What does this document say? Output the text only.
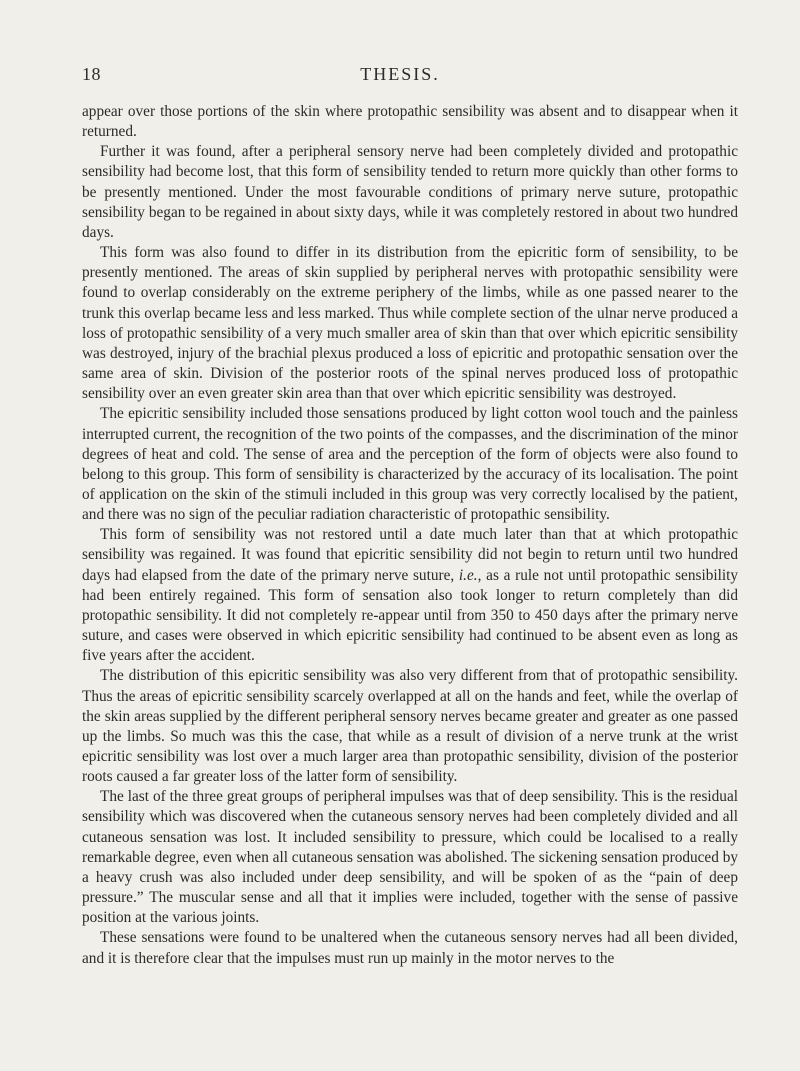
18	THESIS.

appear over those portions of the skin where protopathic sensibility was absent and to disappear when it returned.

Further it was found, after a peripheral sensory nerve had been completely divided and protopathic sensibility had become lost, that this form of sensibility tended to return more quickly than other forms to be presently mentioned. Under the most favourable conditions of primary nerve suture, protopathic sensibility began to be regained in about sixty days, while it was completely restored in about two hundred days.

This form was also found to differ in its distribution from the epicritic form of sensibility, to be presently mentioned. The areas of skin supplied by peripheral nerves with protopathic sensibility were found to overlap considerably on the extreme periphery of the limbs, while as one passed nearer to the trunk this overlap became less and less marked. Thus while complete section of the ulnar nerve produced a loss of protopathic sensibility of a very much smaller area of skin than that over which epicritic sensibility was destroyed, injury of the brachial plexus produced a loss of epicritic and protopathic sensation over the same area of skin. Division of the posterior roots of the spinal nerves produced loss of protopathic sensibility over an even greater skin area than that over which epicritic sensibility was destroyed.

The epicritic sensibility included those sensations produced by light cotton wool touch and the painless interrupted current, the recognition of the two points of the compasses, and the discrimination of the minor degrees of heat and cold. The sense of area and the perception of the form of objects were also found to belong to this group. This form of sensibility is characterized by the accuracy of its localisation. The point of application on the skin of the stimuli included in this group was very correctly localised by the patient, and there was no sign of the peculiar radiation characteristic of protopathic sensibility.

This form of sensibility was not restored until a date much later than that at which protopathic sensibility was regained. It was found that epicritic sensibility did not begin to return until two hundred days had elapsed from the date of the primary nerve suture, i.e., as a rule not until protopathic sensibility had been entirely regained. This form of sensation also took longer to return completely than did protopathic sensibility. It did not completely re-appear until from 350 to 450 days after the primary nerve suture, and cases were observed in which epicritic sensibility had continued to be absent even as long as five years after the accident.

The distribution of this epicritic sensibility was also very different from that of protopathic sensibility. Thus the areas of epicritic sensibility scarcely overlapped at all on the hands and feet, while the overlap of the skin areas supplied by the different peripheral sensory nerves became greater and greater as one passed up the limbs. So much was this the case, that while as a result of division of a nerve trunk at the wrist epicritic sensibility was lost over a much larger area than protopathic sensibility, division of the posterior roots caused a far greater loss of the latter form of sensibility.

The last of the three great groups of peripheral impulses was that of deep sensibility. This is the residual sensibility which was discovered when the cutaneous sensory nerves had been completely divided and all cutaneous sensation was lost. It included sensibility to pressure, which could be localised to a really remarkable degree, even when all cutaneous sensation was abolished. The sickening sensation produced by a heavy crush was also included under deep sensibility, and will be spoken of as the “pain of deep pressure.” The muscular sense and all that it implies were included, together with the sense of passive position at the various joints.

These sensations were found to be unaltered when the cutaneous sensory nerves had all been divided, and it is therefore clear that the impulses must run up mainly in the motor nerves to the
